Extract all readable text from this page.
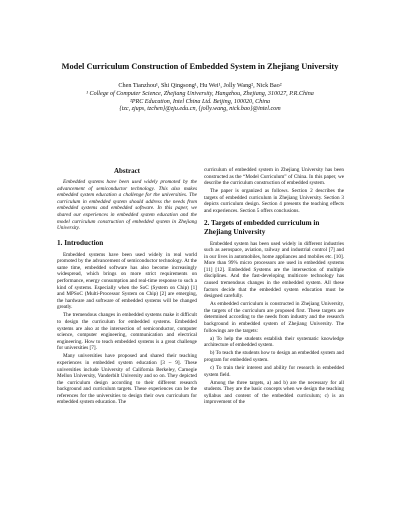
Model Curriculum Construction of Embedded System in Zhejiang University
Chen Tianzhou¹, Shi Qingsong¹, Hu Wei¹, Jolly Wang², Nick Bao²
¹ College of Computer Science, Zhejiang University, Hangzhou, Zhejiang, 310027, P.R.China
²PRC Education, Intel China Ltd. Beijing, 100020, China
{tzc, zjups, tzchen}@zju.edu.cn, {jolly.wang, nick.bao}@intel.com
Abstract

Embedded systems have been used widely promoted by the advancement of semiconductor technology. This also makes embedded system education a challenge for the universities. The curriculum in embedded system should address the needs from embedded systems and embedded software. In this paper, we shared our experiences in embedded system education and the model curriculum construction of embedded system in Zhejiang University.

1. Introduction

Embedded systems have been used widely in real world promoted by the advancement of semiconductor technology. At the same time, embedded software has also become increasingly widespread, which brings on more strict requirements on performance, energy consumption and real-time response to such a kind of systems. Especially when the SoC (System on Chip) [1] and MPSoC (Multi-Processor System on Chip) [2] are emerging, the hardware and software of embedded systems will be changed greatly.

The tremendous changes in embedded systems make it difficult to design the curriculum for embedded systems. Embedded systems are also at the intersection of semiconductor, computer science, computer engineering, communication and electrical engineering. How to teach embedded systems is a great challenge for universities [7].

Many universities have proposed and shared their teaching experiences in embedded system education [3 ~ 9]. These universities include University of California Berkeley, Carnegie Mellon University, Vanderbilt University and so on. They depicted the curriculum design according to their different research background and curriculum targets. These experiences can be the references for the universities to design their own curriculum for embedded system education. The

curriculum of embedded system in Zhejiang University has been constructed as the “Model Curriculum” of China. In this paper, we describe the curriculum construction of embedded system.

The paper is organized as follows. Section 2 describes the targets of embedded curriculum in Zhejiang University. Section 3 depicts curriculum design. Section 4 presents the teaching effects and experiences. Section 5 offers conclusions.

2. Targets of embedded curriculum in Zhejiang University

Embedded system has been used widely in different industries such as aerospace, aviation, railway and industrial control [7] and in our lives in automobiles, home appliances and mobiles etc. [10]. More than 99% micro processors are used in embedded systems [11] [12]. Embedded Systems are the intersection of multiple disciplines. And the fast-developing multicore technology has caused tremendous changes in the embedded system. All these factors decide that the embedded system education must be designed carefully.

As embedded curriculum is constructed in Zhejiang University, the targets of the curriculum are proposed first. These targets are determined according to the needs from industry and the research background in embedded system of Zhejiang University. The followings are the targets:

a) To help the students establish their systematic knowledge architecture of embedded system.

b) To teach the students how to design an embedded system and program for embedded system.

c) To train their interest and ability for research in embedded system field.

Among the three targets, a) and b) are the necessary for all students. They are the basic concepts when we design the teaching syllabus and content of the embedded curriculum; c) is an improvement of the
